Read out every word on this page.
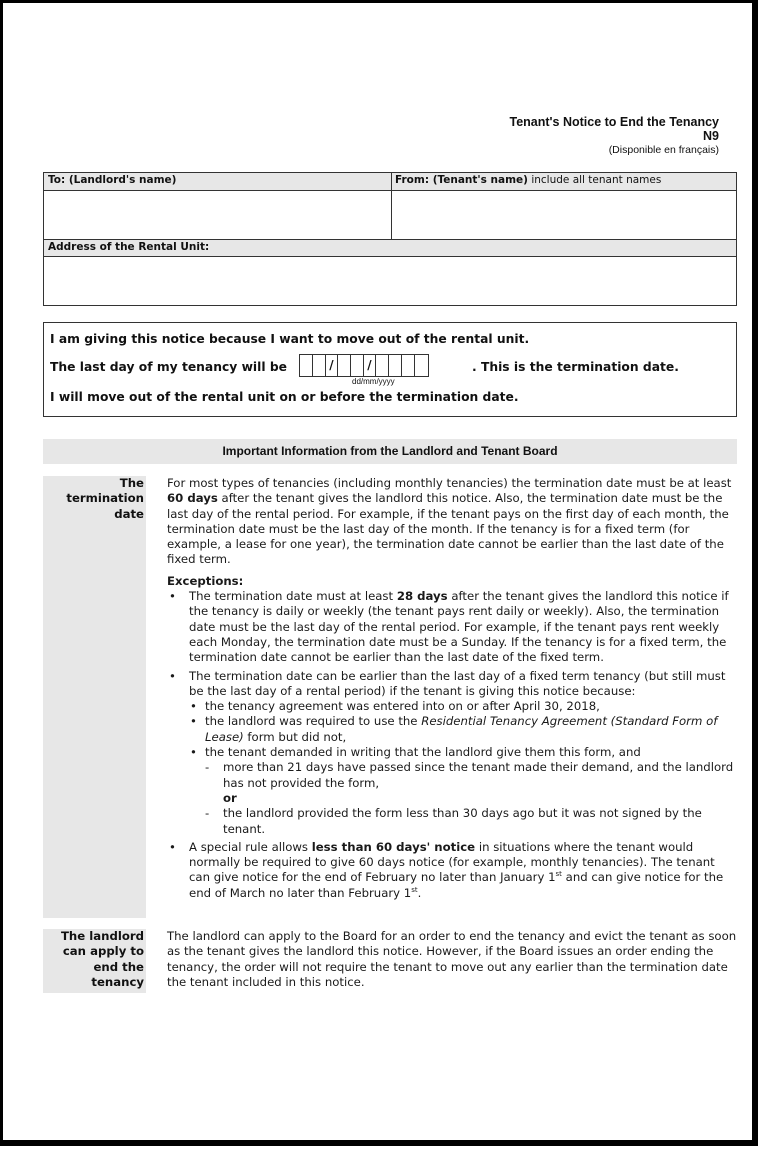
Tenant's Notice to End the Tenancy
N9
(Disponible en français)
To: (Landlord's name)	From: (Tenant's name) include all tenant names
Address of the Rental Unit:
I am giving this notice because I want to move out of the rental unit.
The last day of my tenancy will be	/	/	. This is the termination date.
dd/mm/yyyy
I will move out of the rental unit on or before the termination date.
Important Information from the Landlord and Tenant Board
The
termination
date

For most types of tenancies (including monthly tenancies) the termination date must be at least 60 days after the tenant gives the landlord this notice. Also, the termination date must be the last day of the rental period. For example, if the tenant pays on the first day of each month, the termination date must be the last day of the month. If the tenancy is for a fixed term (for example, a lease for one year), the termination date cannot be earlier than the last date of the fixed term.

Exceptions:

• The termination date must at least 28 days after the tenant gives the landlord this notice if the tenancy is daily or weekly (the tenant pays rent daily or weekly). Also, the termination date must be the last day of the rental period. For example, if the tenant pays rent weekly each Monday, the termination date must be a Sunday. If the tenancy is for a fixed term, the termination date cannot be earlier than the last date of the fixed term.
• The termination date can be earlier than the last day of a fixed term tenancy (but still must be the last day of a rental period) if the tenant is giving this notice because:
• the tenancy agreement was entered into on or after April 30, 2018,
• the landlord was required to use the Residential Tenancy Agreement (Standard Form of Lease) form but did not,
• the tenant demanded in writing that the landlord give them this form, and
- more than 21 days have passed since the tenant made their demand, and the landlord has not provided the form,
or
- the landlord provided the form less than 30 days ago but it was not signed by the tenant.
• A special rule allows less than 60 days' notice in situations where the tenant would normally be required to give 60 days notice (for example, monthly tenancies). The tenant can give notice for the end of February no later than January 1st and can give notice for the end of March no later than February 1st.
The landlord
can apply to
end the
tenancy

The landlord can apply to the Board for an order to end the tenancy and evict the tenant as soon as the tenant gives the landlord this notice. However, if the Board issues an order ending the tenancy, the order will not require the tenant to move out any earlier than the termination date the tenant included in this notice.
